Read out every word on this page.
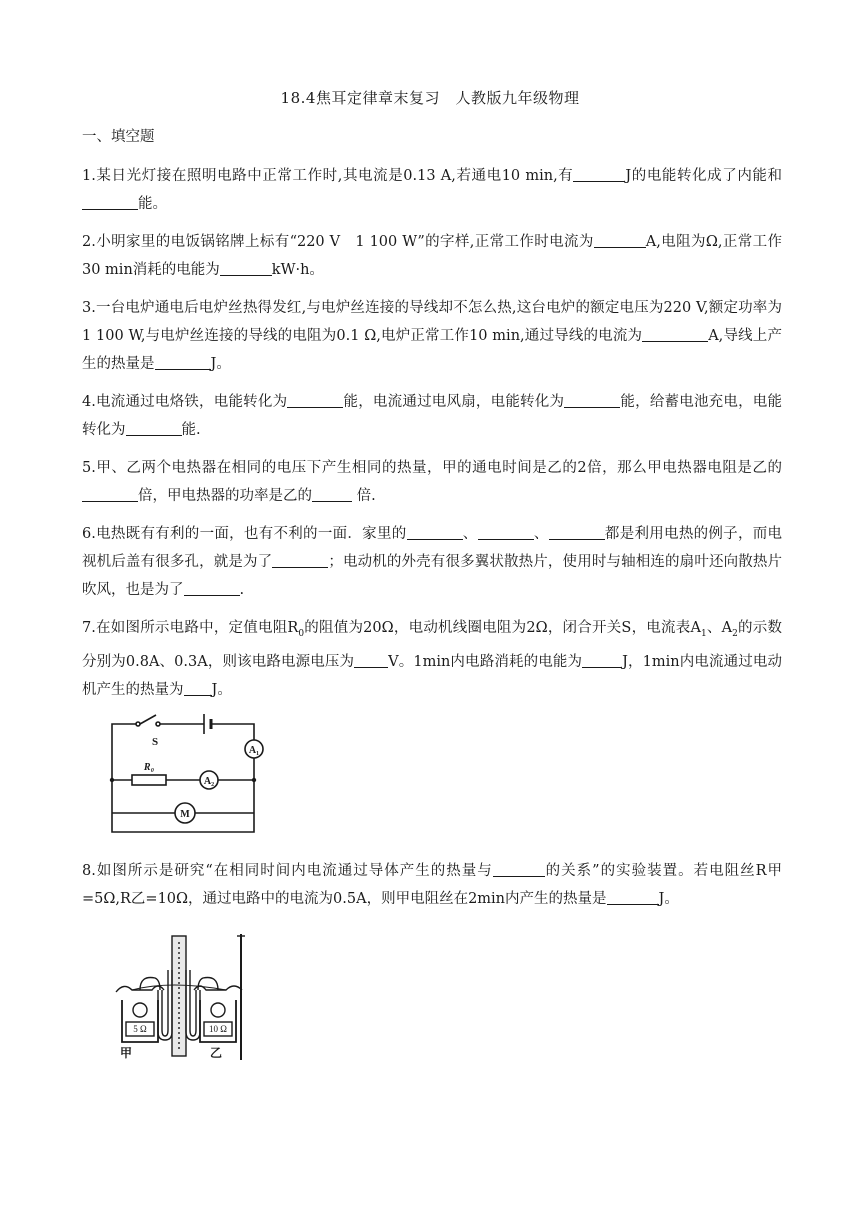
18.4焦耳定律章末复习　人教版九年级物理
一、填空题
1.某日光灯接在照明电路中正常工作时,其电流是0.13 A,若通电10 min,有	J的电能转化成了内能和能。
2.小明家里的电饭锅铭牌上标有“220 V　1 100 W”的字样,正常工作时电流为	A,电阻为Ω,正常工作30 min消耗的电能为	kW·h。
3.一台电炉通电后电炉丝热得发红,与电炉丝连接的导线却不怎么热,这台电炉的额定电压为220 V,额定功率为1 100 W,与电炉丝连接的导线的电阻为0.1 Ω,电炉正常工作10 min,通过导线的电流为	A,导线上产生的热量是	J。
4.电流通过电烙铁，电能转化为	能，电流通过电风扇，电能转化为	能，给蓄电池充电，电能转化为	能.
5.甲、乙两个电热器在相同的电压下产生相同的热量，甲的通电时间是乙的2倍，那么甲电热器电阻是乙的倍，甲电热器的功率是乙的	倍.
6.电热既有有利的一面，也有不利的一面．家里的	、	、	都是利用电热的例子，而电视机后盖有很多孔，就是为了	；电动机的外壳有很多翼状散热片，使用时与轴相连的扇叶还向散热片吹风，也是为了	.
7.在如图所示电路中，定值电阻$R_0$的阻值为20Ω，电动机线圈电阻为2Ω，闭合开关S，电流表$A_1$、$A_2$的示数分别为0.8A、0.3A，则该电路电源电压为 V。1min内电路消耗的电能为	J，1min内电流通过电动机产生的热量为 J。
S
A₁
A₂
R₀
M
8.如图所示是研究“在相同时间内电流通过导体产生的热量与	的关系”的实验装置。若电阻丝R甲=5Ω,R乙=10Ω，通过电路中的电流为0.5A，则甲电阻丝在2min内产生的热量是	J。
5 Ω	10 Ω
甲	乙
